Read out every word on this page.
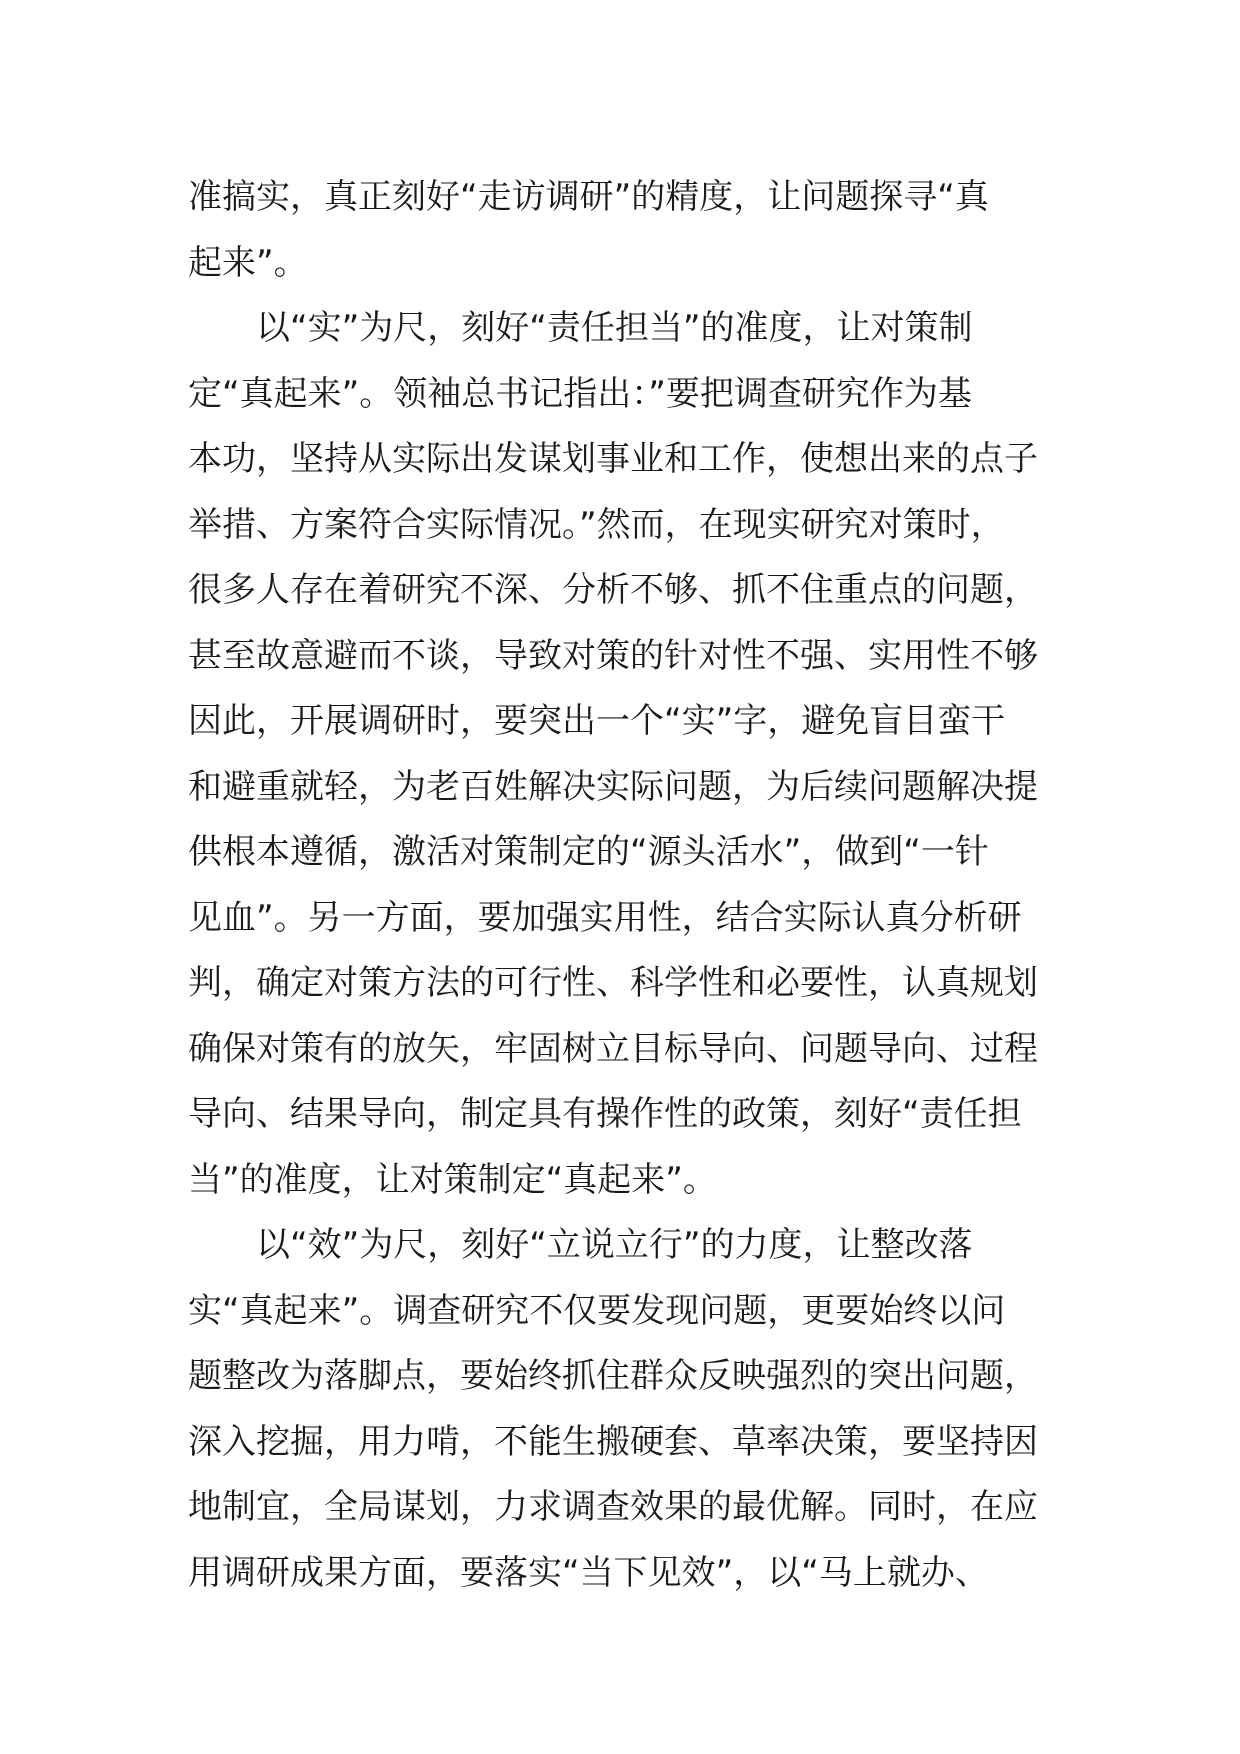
准搞实，真正刻好“走访调研”的精度，让问题探寻“真
起来”。
以“实”为尺，刻好“责任担当”的准度，让对策制
定“真起来”。领袖总书记指出：”要把调查研究作为基
本功，坚持从实际出发谋划事业和工作，使想出来的点子
举措、方案符合实际情况。”然而，在现实研究对策时，
很多人存在着研究不深、分析不够、抓不住重点的问题，
甚至故意避而不谈，导致对策的针对性不强、实用性不够
因此，开展调研时，要突出一个“实”字，避免盲目蛮干
和避重就轻，为老百姓解决实际问题，为后续问题解决提
供根本遵循，激活对策制定的“源头活水”，做到“一针
见血”。另一方面，要加强实用性，结合实际认真分析研
判，确定对策方法的可行性、科学性和必要性，认真规划
确保对策有的放矢，牢固树立目标导向、问题导向、过程
导向、结果导向，制定具有操作性的政策，刻好“责任担
当”的准度，让对策制定“真起来”。
以“效”为尺，刻好“立说立行”的力度，让整改落
实“真起来”。调查研究不仅要发现问题，更要始终以问
题整改为落脚点，要始终抓住群众反映强烈的突出问题，
深入挖掘，用力啃，不能生搬硬套、草率决策，要坚持因
地制宜，全局谋划，力求调查效果的最优解。同时，在应
用调研成果方面，要落实“当下见效”，以“马上就办、
